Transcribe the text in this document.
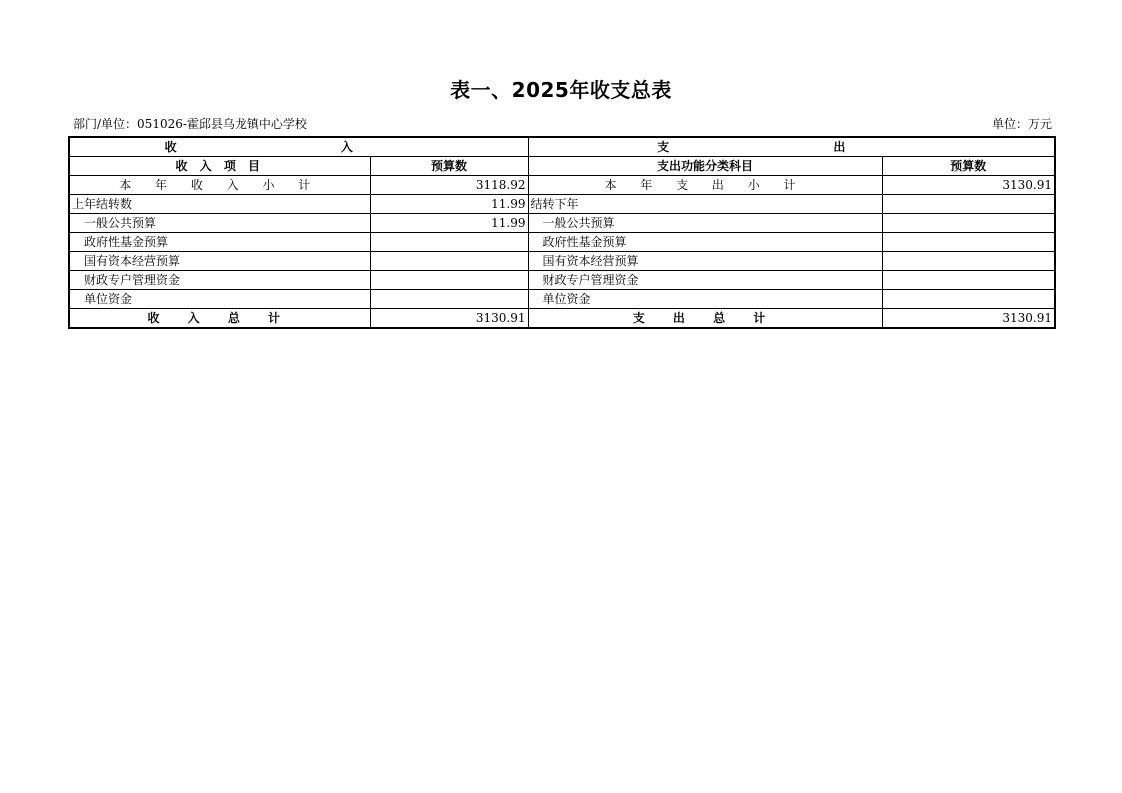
表一、2025年收支总表
部门/单位：051026-霍邱县乌龙镇中心学校	单位：万元
收 入		支 出	
收 入 项 目	预算数	支出功能分类科目	预算数
本 年 收 入 小 计	3118.92	本 年 支 出 小 计	3130.91
上年结转数	11.99	结转下年	
一般公共预算	11.99	一般公共预算	
政府性基金预算		政府性基金预算	
国有资本经营预算		国有资本经营预算	
财政专户管理资金		财政专户管理资金	
单位资金		单位资金	
收 入 总 计	3130.91	支 出 总 计	3130.91
